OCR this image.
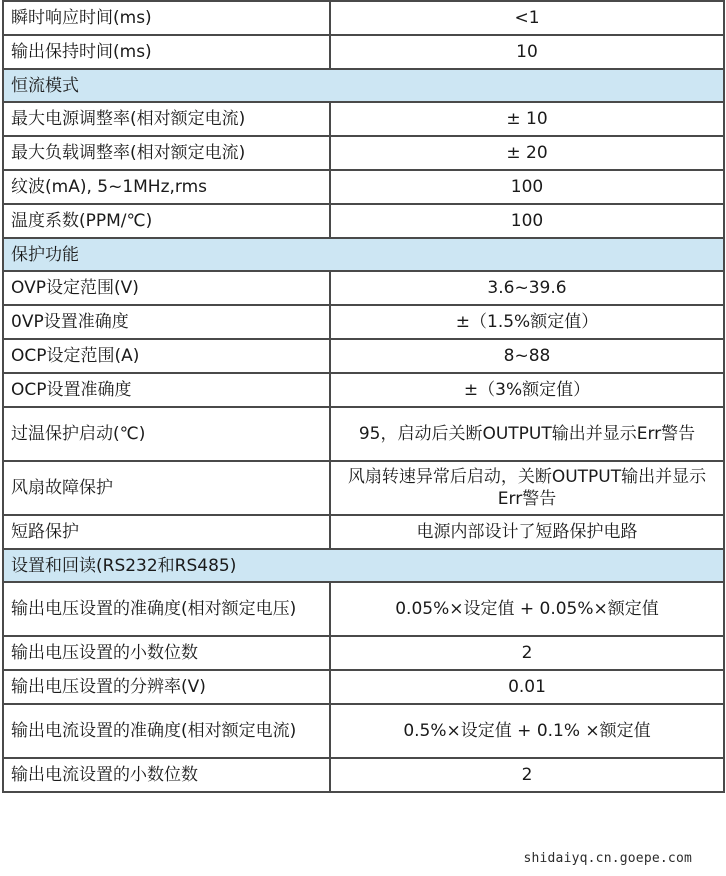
瞬时响应时间(ms)	<1
输出保持时间(ms)	10
恒流模式	
最大电源调整率(相对额定电流)	± 10
最大负载调整率(相对额定电流)	± 20
纹波(mA), 5~1MHz,rms	100
温度系数(PPM/℃)	100
保护功能	
OVP设定范围(V)	3.6~39.6
0VP设置准确度	±（1.5%额定值）
OCP设定范围(A)	8~88
OCP设置准确度	±（3%额定值）
过温保护启动(℃)	95，启动后关断OUTPUT输出并显示Err警告
风扇故障保护	风扇转速异常后启动，关断OUTPUT输出并显示Err警告
短路保护	电源内部设计了短路保护电路
设置和回读(RS232和RS485)	
输出电压设置的准确度(相对额定电压)	0.05%×设定值 + 0.05%×额定值
输出电压设置的小数位数	2
输出电压设置的分辨率(V)	0.01
输出电流设置的准确度(相对额定电流)	0.5%×设定值 + 0.1% ×额定值
输出电流设置的小数位数	2
shidaiyq.cn.goepe.com
